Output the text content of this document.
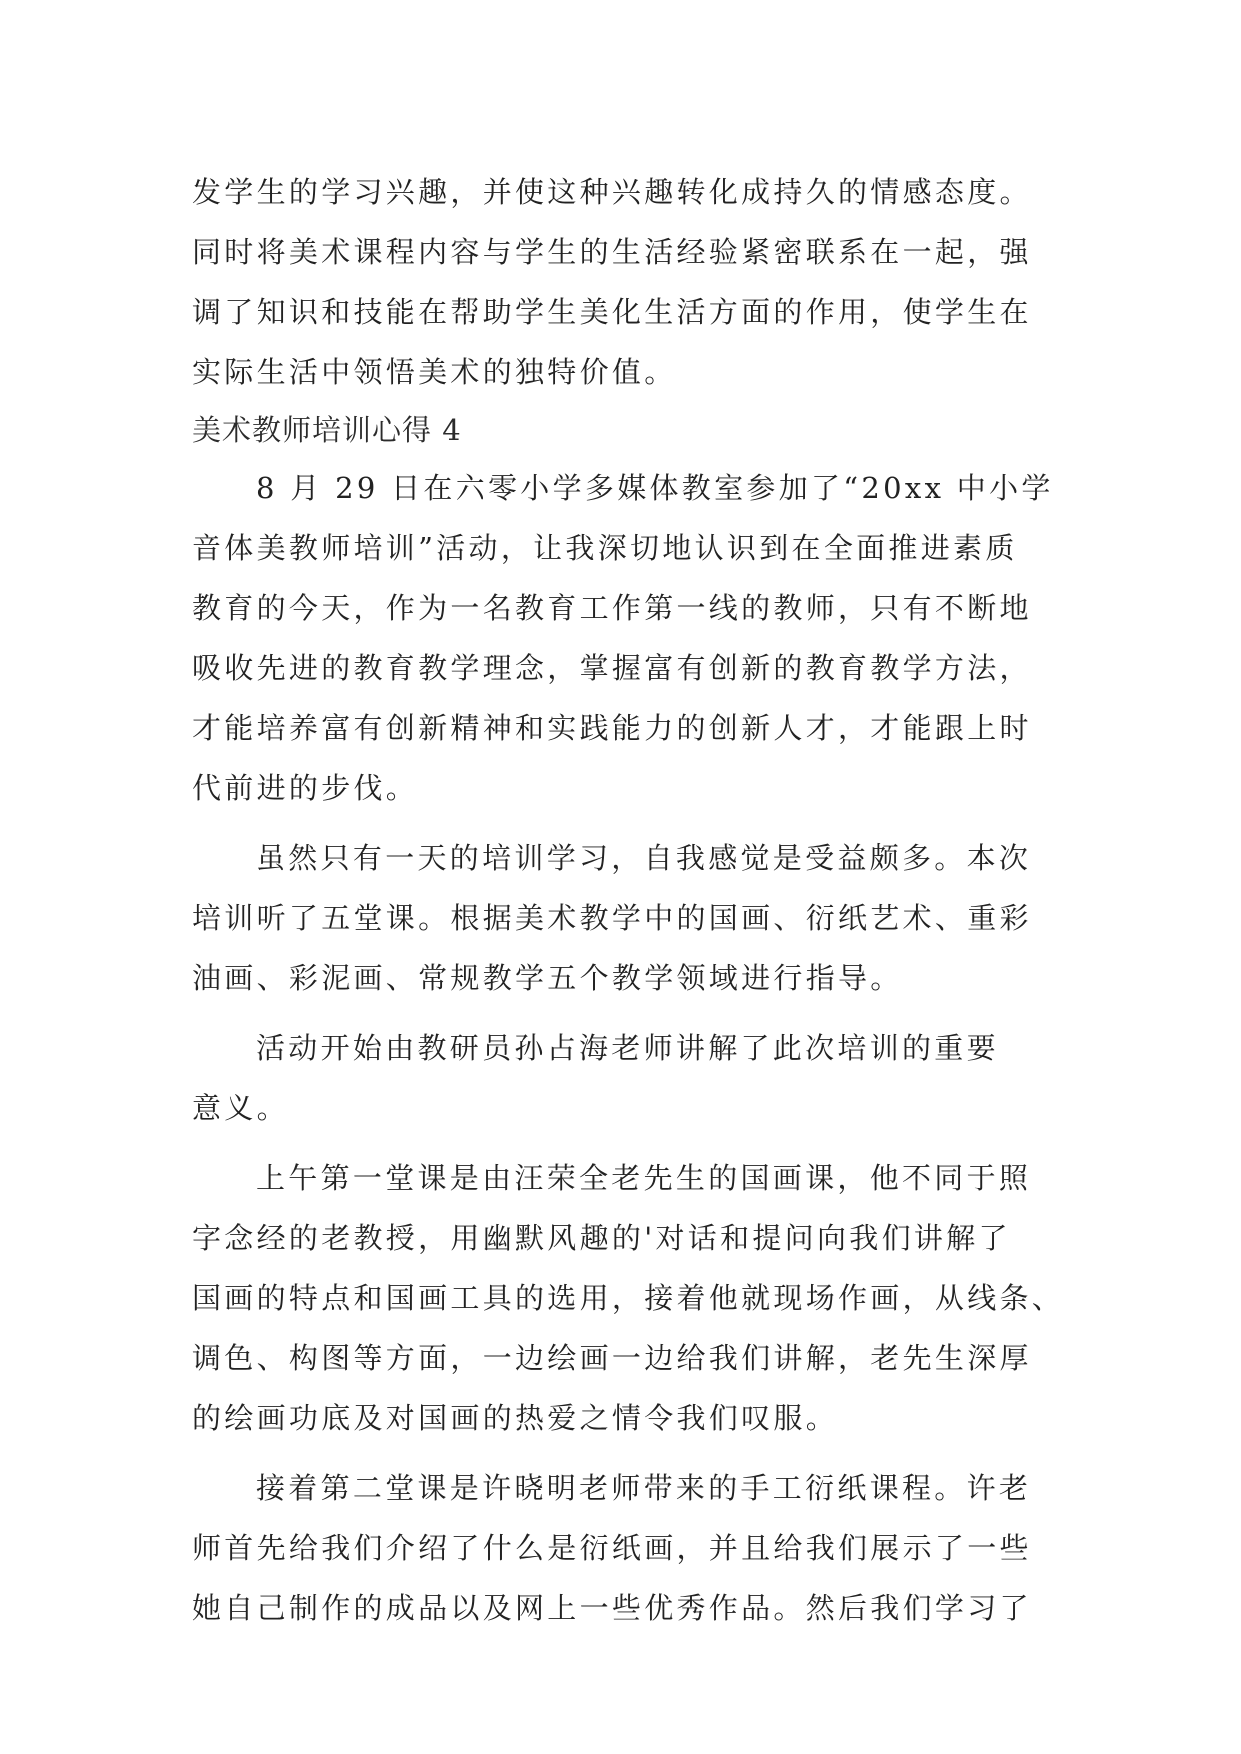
发学生的学习兴趣，并使这种兴趣转化成持久的情感态度。
同时将美术课程内容与学生的生活经验紧密联系在一起，强
调了知识和技能在帮助学生美化生活方面的作用，使学生在
实际生活中领悟美术的独特价值。
美术教师培训心得 4
8 月 29 日在六零小学多媒体教室参加了“20xx 中小学
音体美教师培训”活动，让我深切地认识到在全面推进素质
教育的今天，作为一名教育工作第一线的教师，只有不断地
吸收先进的教育教学理念，掌握富有创新的教育教学方法，
才能培养富有创新精神和实践能力的创新人才，才能跟上时
代前进的步伐。
虽然只有一天的培训学习，自我感觉是受益颇多。本次
培训听了五堂课。根据美术教学中的国画、衍纸艺术、重彩
油画、彩泥画、常规教学五个教学领域进行指导。
活动开始由教研员孙占海老师讲解了此次培训的重要
意义。
上午第一堂课是由汪荣全老先生的国画课，他不同于照
字念经的老教授，用幽默风趣的'对话和提问向我们讲解了
国画的特点和国画工具的选用，接着他就现场作画，从线条、
调色、构图等方面，一边绘画一边给我们讲解，老先生深厚
的绘画功底及对国画的热爱之情令我们叹服。
接着第二堂课是许晓明老师带来的手工衍纸课程。许老
师首先给我们介绍了什么是衍纸画，并且给我们展示了一些
她自己制作的成品以及网上一些优秀作品。然后我们学习了
